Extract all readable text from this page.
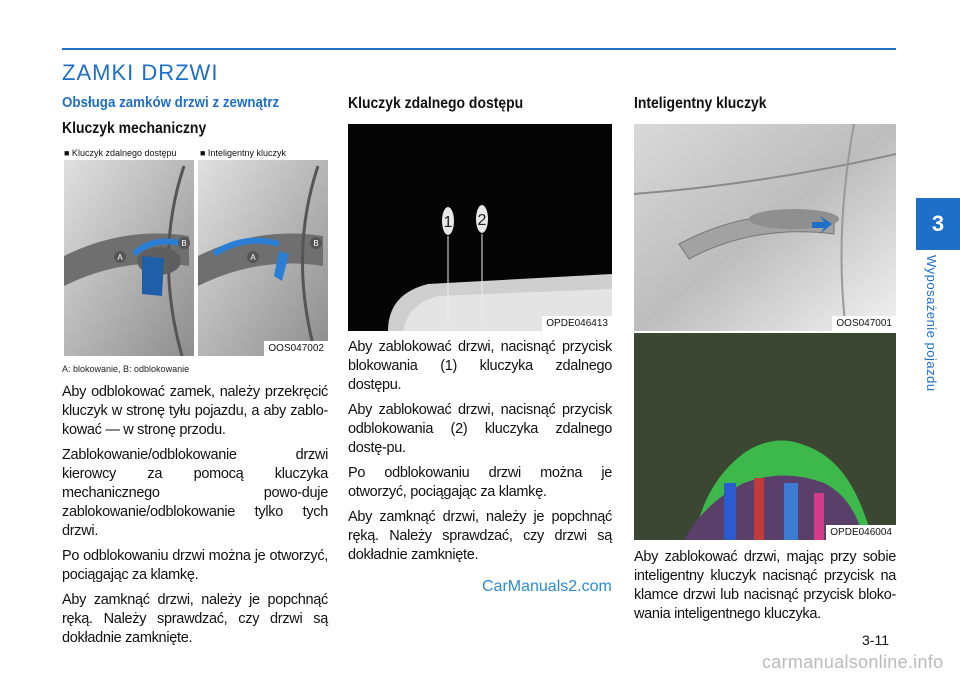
3
Wyposażenie pojazdu
ZAMKI DRZWI
Obsługa zamków drzwi z zewnątrz
Kluczyk mechaniczny
A
B
A
B
■ Kluczyk zdalnego dostępu	■ Inteligentny kluczyk
OOS047002
A: blokowanie, B: odblokowanie

Aby odblokować zamek, należy przekręcić kluczyk w stronę tyłu pojazdu, a aby zablo-kować — w stronę przodu.

Zablokowanie/odblokowanie drzwi kierowcy za pomocą kluczyka mechanicznego powo-duje zablokowanie/odblokowanie tylko tych drzwi.

Po odblokowaniu drzwi można je otworzyć, pociągając za klamkę.

Aby zamknąć drzwi, należy je popchnąć ręką. Należy sprawdzać, czy drzwi są dokładnie zamknięte.

Kluczyk zdalnego dostępu
1 2
OPDE046413

Aby zablokować drzwi, nacisnąć przycisk blokowania (1) kluczyka zdalnego dostępu.

Aby zablokować drzwi, nacisnąć przycisk odblokowania (2) kluczyka zdalnego dostę-pu.

Po odblokowaniu drzwi można je otworzyć, pociągając za klamkę.

Aby zamknąć drzwi, należy je popchnąć ręką. Należy sprawdzać, czy drzwi są dokładnie zamknięte.

Inteligentny kluczyk
OOS047001
OPDE046004

Aby zablokować drzwi, mając przy sobie inteligentny kluczyk nacisnąć przycisk na klamce drzwi lub nacisnąć przycisk bloko-wania inteligentnego kluczyka.

CarManuals2.com
3-11
carmanualsonline.info
